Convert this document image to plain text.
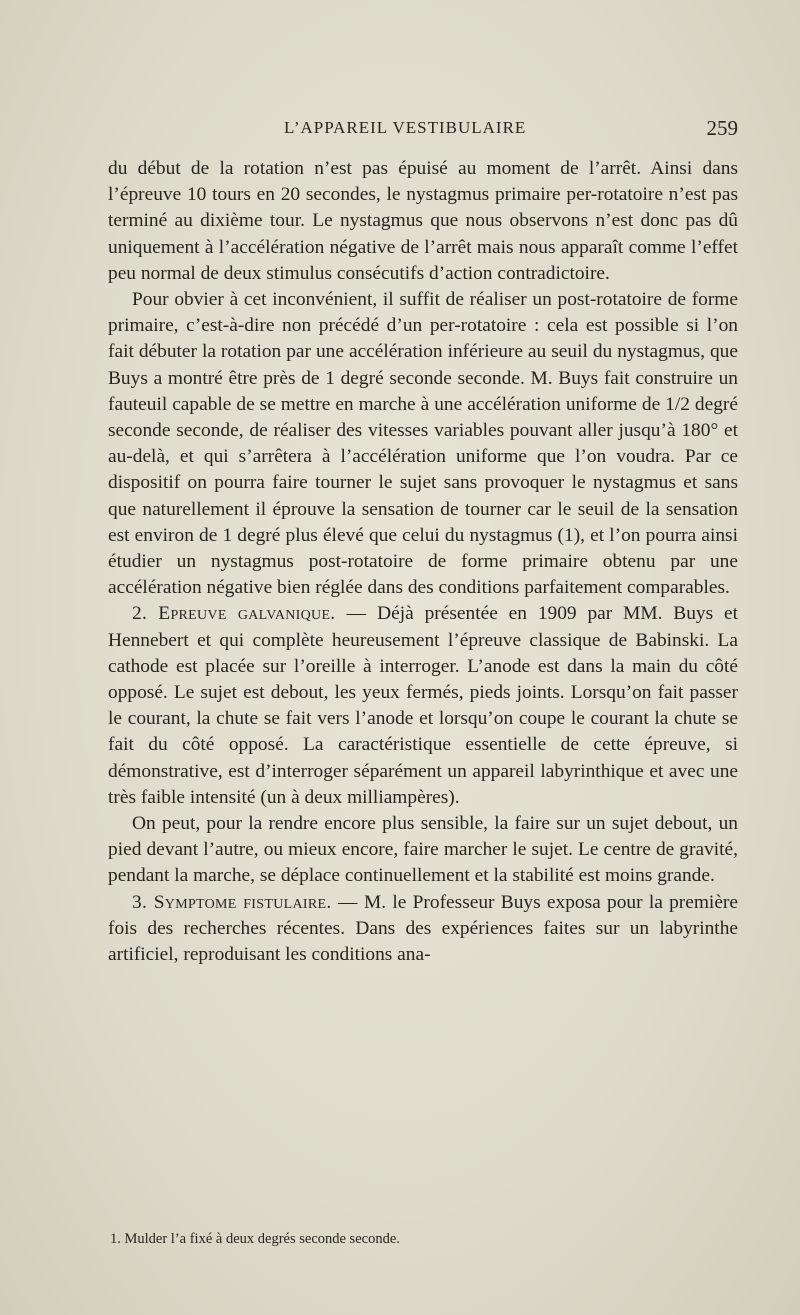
L’APPAREIL VESTIBULAIRE	259

du début de la rotation n’est pas épuisé au moment de l’arrêt. Ainsi dans l’épreuve 10 tours en 20 secondes, le nystagmus primaire per-rotatoire n’est pas terminé au dixième tour. Le nystagmus que nous observons n’est donc pas dû uniquement à l’accélération négative de l’arrêt mais nous apparaît comme l’effet peu normal de deux stimulus consécutifs d’action contradictoire.

Pour obvier à cet inconvénient, il suffit de réaliser un post-rotatoire de forme primaire, c’est-à-dire non précédé d’un per-rotatoire : cela est possible si l’on fait débuter la rotation par une accélération inférieure au seuil du nystagmus, que Buys a montré être près de 1 degré seconde seconde. M. Buys fait construire un fauteuil capable de se mettre en marche à une accélération uniforme de 1/2 degré seconde seconde, de réaliser des vitesses variables pouvant aller jusqu’à 180° et au-delà, et qui s’arrêtera à l’accélération uniforme que l’on voudra. Par ce dispositif on pourra faire tourner le sujet sans provoquer le nystagmus et sans que naturellement il éprouve la sensation de tourner car le seuil de la sensation est environ de 1 degré plus élevé que celui du nystagmus (1), et l’on pourra ainsi étudier un nystagmus post-rotatoire de forme primaire obtenu par une accélération négative bien réglée dans des conditions parfaitement comparables.

2. Epreuve galvanique. — Déjà présentée en 1909 par MM. Buys et Hennebert et qui complète heureusement l’épreuve classique de Babinski. La cathode est placée sur l’oreille à interroger. L’anode est dans la main du côté opposé. Le sujet est debout, les yeux fermés, pieds joints. Lorsqu’on fait passer le courant, la chute se fait vers l’anode et lorsqu’on coupe le courant la chute se fait du côté opposé. La caractéristique essentielle de cette épreuve, si démonstrative, est d’interroger séparément un appareil labyrinthique et avec une très faible intensité (un à deux milliampères).

On peut, pour la rendre encore plus sensible, la faire sur un sujet debout, un pied devant l’autre, ou mieux encore, faire marcher le sujet. Le centre de gravité, pendant la marche, se déplace continuellement et la stabilité est moins grande.

3. Symptome fistulaire. — M. le Professeur Buys exposa pour la première fois des recherches récentes. Dans des expériences faites sur un labyrinthe artificiel, reproduisant les conditions ana-

1. Mulder l’a fixé à deux degrés seconde seconde.
